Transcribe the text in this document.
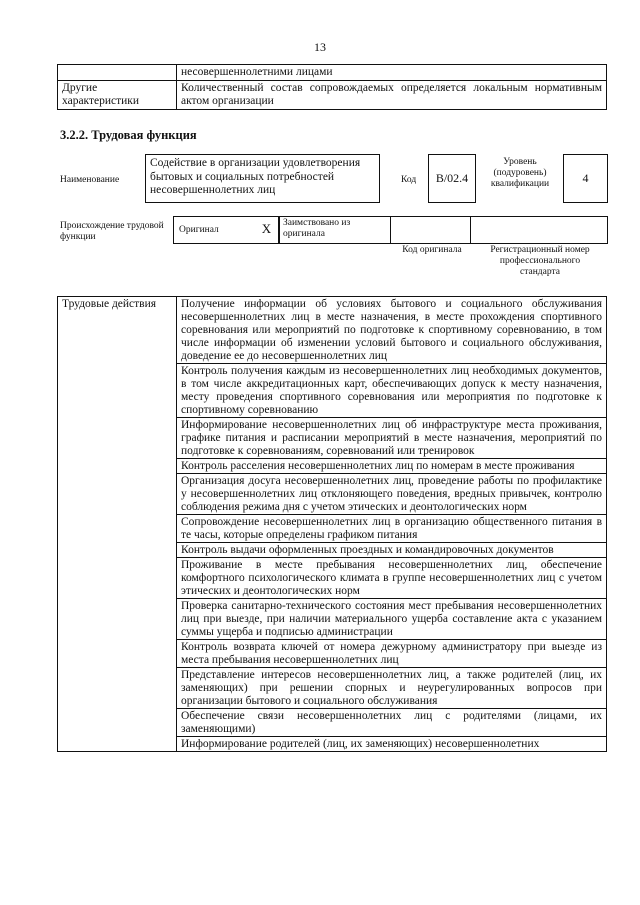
13
	несовершеннолетними лицами
Другие характеристики	Количественный состав сопровождаемых определяется локальным нормативным актом организации
3.2.2. Трудовая функция
Наименование
Содействие в организации удовлетворения бытовых и социальных потребностей несовершеннолетних лиц
Код	B/02.4
Уровень (подуровень) квалификации	4
Происхождение трудовой функции
Оригинал	X	Заимствовано из оригинала
Код оригинала	Регистрационный номер профессионального стандарта
Трудовые действия	Получение информации об условиях бытового и социального обслуживания несовершеннолетних лиц в месте назначения, в месте прохождения спортивного соревнования или мероприятий по подготовке к спортивному соревнованию, в том числе информации об изменении условий бытового и социального обслуживания, доведение ее до несовершеннолетних лиц
Контроль получения каждым из несовершеннолетних лиц необходимых документов, в том числе аккредитационных карт, обеспечивающих допуск к месту назначения, месту проведения спортивного соревнования или мероприятия по подготовке к спортивному соревнованию
Информирование несовершеннолетних лиц об инфраструктуре места проживания, графике питания и расписании мероприятий в месте назначения, мероприятий по подготовке к соревнованиям, соревнований или тренировок
Контроль расселения несовершеннолетних лиц по номерам в месте проживания
Организация досуга несовершеннолетних лиц, проведение работы по профилактике у несовершеннолетних лиц отклоняющего поведения, вредных привычек, контролю соблюдения режима дня с учетом этических и деонтологических норм
Сопровождение несовершеннолетних лиц в организацию общественного питания в те часы, которые определены графиком питания
Контроль выдачи оформленных проездных и командировочных документов
Проживание в месте пребывания несовершеннолетних лиц, обеспечение комфортного психологического климата в группе несовершеннолетних лиц с учетом этических и деонтологических норм
Проверка санитарно-технического состояния мест пребывания несовершеннолетних лиц при выезде, при наличии материального ущерба составление акта с указанием суммы ущерба и подписью администрации
Контроль возврата ключей от номера дежурному администратору при выезде из места пребывания несовершеннолетних лиц
Представление интересов несовершеннолетних лиц, а также родителей (лиц, их заменяющих) при решении спорных и неурегулированных вопросов при организации бытового и социального обслуживания
Обеспечение связи несовершеннолетних лиц с родителями (лицами, их заменяющими)
Информирование родителей (лиц, их заменяющих) несовершеннолетних
